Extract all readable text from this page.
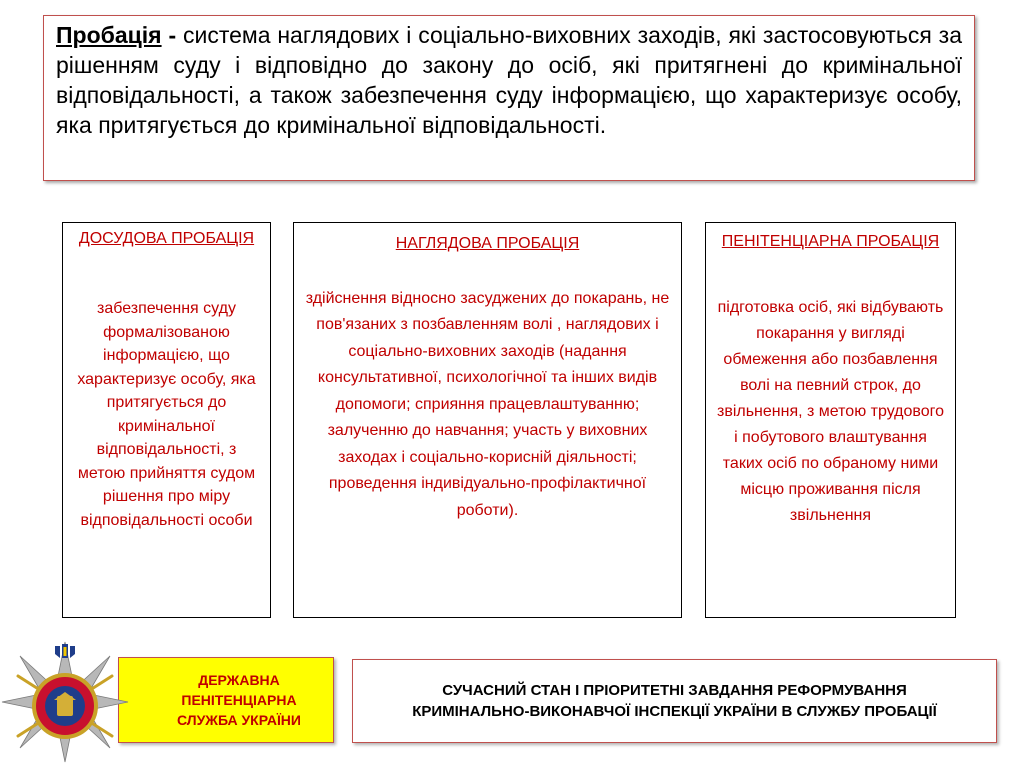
Пробація - система наглядових і соціально-виховних заходів, які застосовуються за рішенням суду і відповідно до закону до осіб, які притягнені до кримінальної відповідальності, а також забезпечення суду інформацією, що характеризує особу, яка притягується до кримінальної відповідальності.
ДОСУДОВА ПРОБАЦІЯ
забезпечення суду формалізованою інформацією, що характеризує особу, яка притягується до кримінальної відповідальності, з метою прийняття судом рішення про міру відповідальності особи
НАГЛЯДОВА ПРОБАЦІЯ
здійснення відносно засуджених до покарань, не пов'язаних з позбавленням волі , наглядових і соціально-виховних заходів (надання консультативної, психологічної та інших видів допомоги; сприяння працевлаштуванню; залученню до навчання; участь у виховних заходах і соціально-корисній діяльності; проведення індивідуально-профілактичної роботи).
ПЕНІТЕНЦІАРНА ПРОБАЦІЯ
підготовка осіб, які відбувають покарання у вигляді обмеження або позбавлення волі на певний строк, до звільнення, з метою трудового і побутового влаштування таких осіб по обраному ними місцю проживання після звільнення
ДЕРЖАВНА
ПЕНІТЕНЦІАРНА
СЛУЖБА УКРАЇНИ
СУЧАСНИЙ СТАН І ПРІОРИТЕТНІ ЗАВДАННЯ РЕФОРМУВАННЯ
КРИМІНАЛЬНО-ВИКОНАВЧОЇ ІНСПЕКЦІЇ УКРАЇНИ В СЛУЖБУ ПРОБАЦІЇ
